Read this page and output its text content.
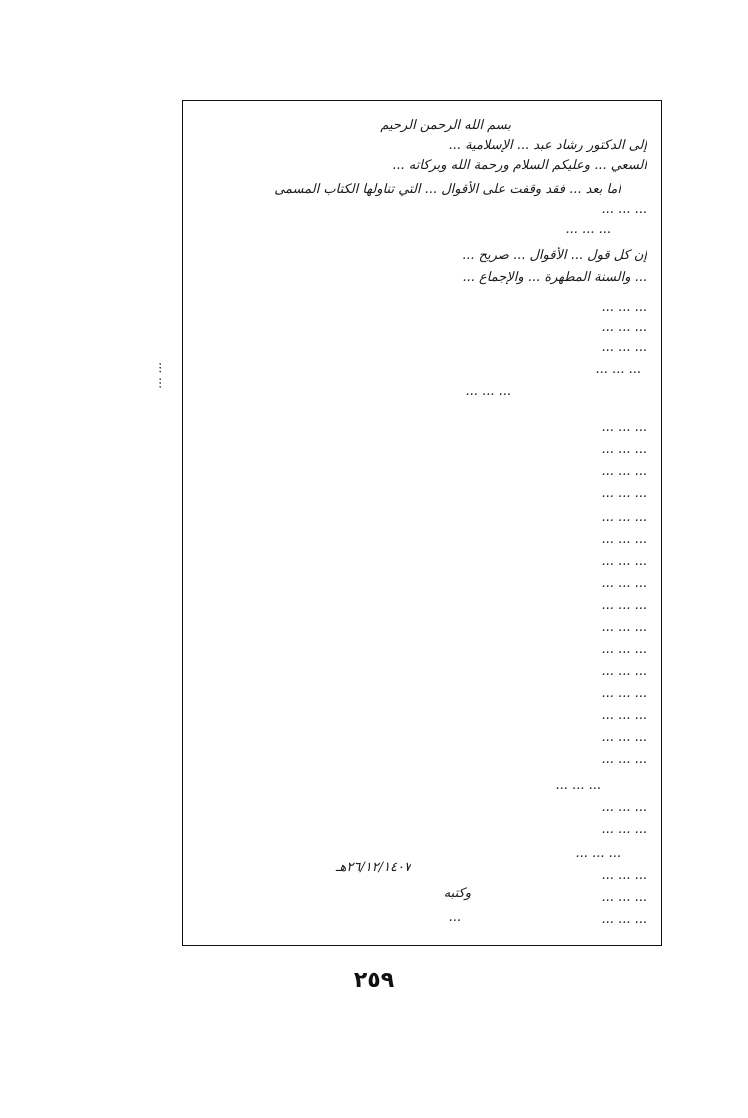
بسم الله الرحمن الرحيم
إلى الدكتور رشاد عبد ... الإسلامية ...
السعي ... وعليكم السلام ورحمة الله وبركاته ...
أما بعد ... فقد وقفت على الأقوال ... التي تناولها الكتاب المسمى
... ... ...
... ... ...
إن كل قول ... الأقوال ... صريح ...
... والسنة المطهرة ... والإجماع ...
... ... ...
... ... ...
... ... ...
... ... ...
... ... ...
... ... ...
... ... ...
... ... ...
... ... ...
... ... ...
... ... ...
... ... ...
... ... ...
... ... ...
... ... ...
... ... ...
... ... ...
... ... ...
... ... ...
... ... ...
... ... ...
... ... ...
... ... ...
... ... ...
... ... ...
... ... ...
... ... ...
... ... ...
٢٦/١٢/١٤٠٧هـ
وكتبه
...
... ...
٢٥٩
